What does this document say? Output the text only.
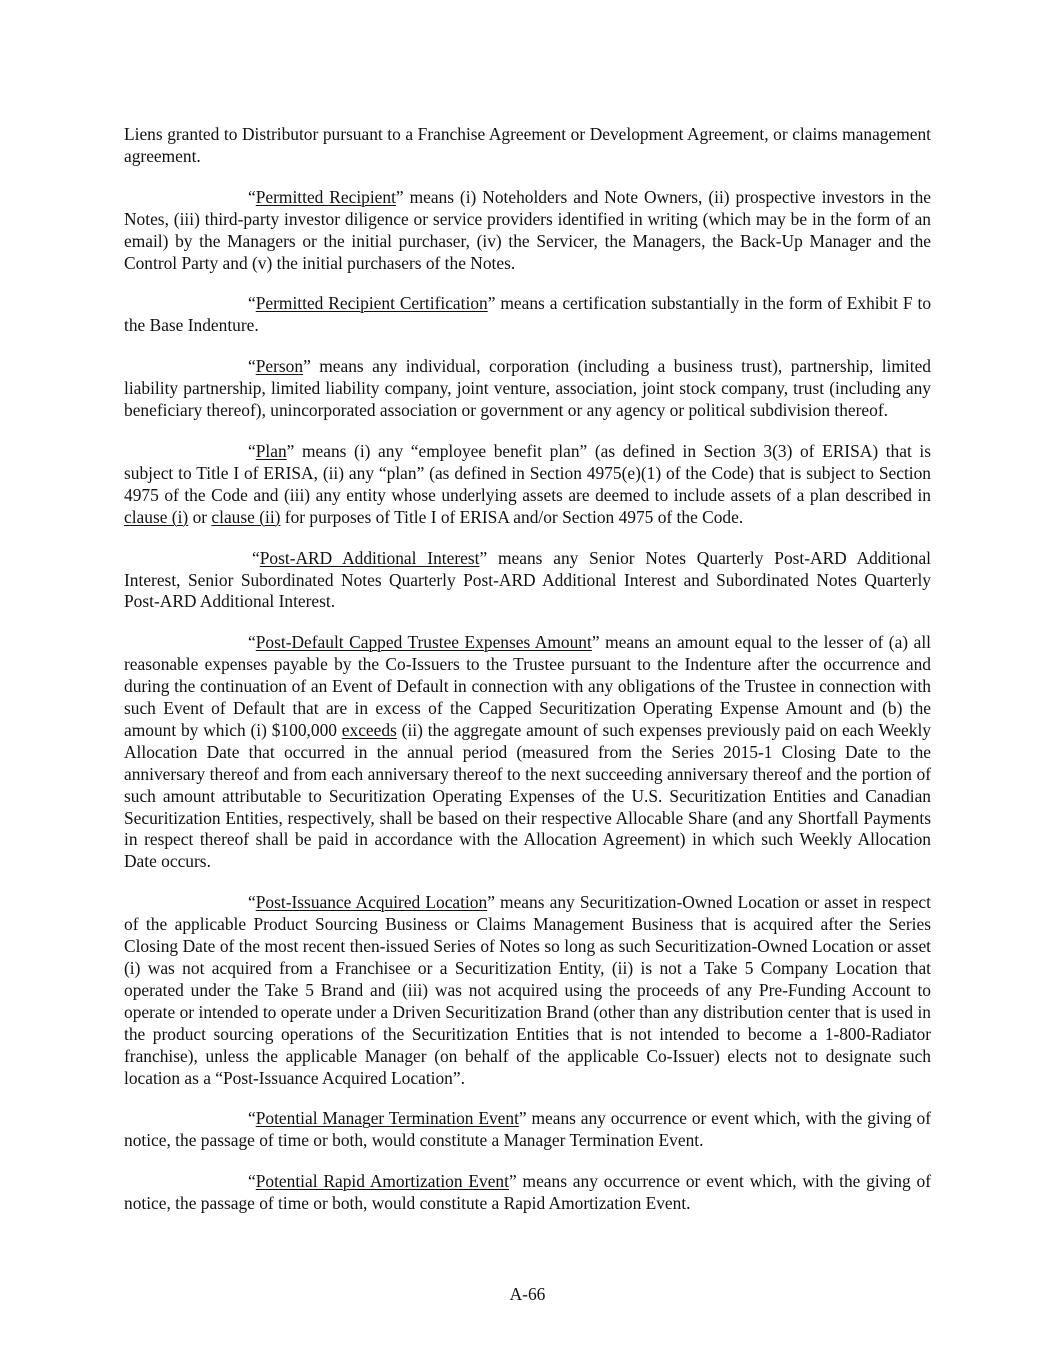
Liens granted to Distributor pursuant to a Franchise Agreement or Development Agreement, or claims management agreement.

“Permitted Recipient” means (i) Noteholders and Note Owners, (ii) prospective investors in the Notes, (iii) third-party investor diligence or service providers identified in writing (which may be in the form of an email) by the Managers or the initial purchaser, (iv) the Servicer, the Managers, the Back-Up Manager and the Control Party and (v) the initial purchasers of the Notes.

“Permitted Recipient Certification” means a certification substantially in the form of Exhibit F to the Base Indenture.

“Person” means any individual, corporation (including a business trust), partnership, limited liability partnership, limited liability company, joint venture, association, joint stock company, trust (including any beneficiary thereof), unincorporated association or government or any agency or political subdivision thereof.

“Plan” means (i) any “employee benefit plan” (as defined in Section 3(3) of ERISA) that is subject to Title I of ERISA, (ii) any “plan” (as defined in Section 4975(e)(1) of the Code) that is subject to Section 4975 of the Code and (iii) any entity whose underlying assets are deemed to include assets of a plan described in clause (i) or clause (ii) for purposes of Title I of ERISA and/or Section 4975 of the Code.

“Post-ARD Additional Interest” means any Senior Notes Quarterly Post-ARD Additional Interest, Senior Subordinated Notes Quarterly Post-ARD Additional Interest and Subordinated Notes Quarterly Post-ARD Additional Interest.

“Post-Default Capped Trustee Expenses Amount” means an amount equal to the lesser of (a) all reasonable expenses payable by the Co-Issuers to the Trustee pursuant to the Indenture after the occurrence and during the continuation of an Event of Default in connection with any obligations of the Trustee in connection with such Event of Default that are in excess of the Capped Securitization Operating Expense Amount and (b) the amount by which (i) $100,000 exceeds (ii) the aggregate amount of such expenses previously paid on each Weekly Allocation Date that occurred in the annual period (measured from the Series 2015-1 Closing Date to the anniversary thereof and from each anniversary thereof to the next succeeding anniversary thereof and the portion of such amount attributable to Securitization Operating Expenses of the U.S. Securitization Entities and Canadian Securitization Entities, respectively, shall be based on their respective Allocable Share (and any Shortfall Payments in respect thereof shall be paid in accordance with the Allocation Agreement) in which such Weekly Allocation Date occurs.

“Post-Issuance Acquired Location” means any Securitization-Owned Location or asset in respect of the applicable Product Sourcing Business or Claims Management Business that is acquired after the Series Closing Date of the most recent then-issued Series of Notes so long as such Securitization-Owned Location or asset (i) was not acquired from a Franchisee or a Securitization Entity, (ii) is not a Take 5 Company Location that operated under the Take 5 Brand and (iii) was not acquired using the proceeds of any Pre-Funding Account to operate or intended to operate under a Driven Securitization Brand (other than any distribution center that is used in the product sourcing operations of the Securitization Entities that is not intended to become a 1-800-Radiator franchise), unless the applicable Manager (on behalf of the applicable Co-Issuer) elects not to designate such location as a “Post-Issuance Acquired Location”.

“Potential Manager Termination Event” means any occurrence or event which, with the giving of notice, the passage of time or both, would constitute a Manager Termination Event.

“Potential Rapid Amortization Event” means any occurrence or event which, with the giving of notice, the passage of time or both, would constitute a Rapid Amortization Event.

A-66
